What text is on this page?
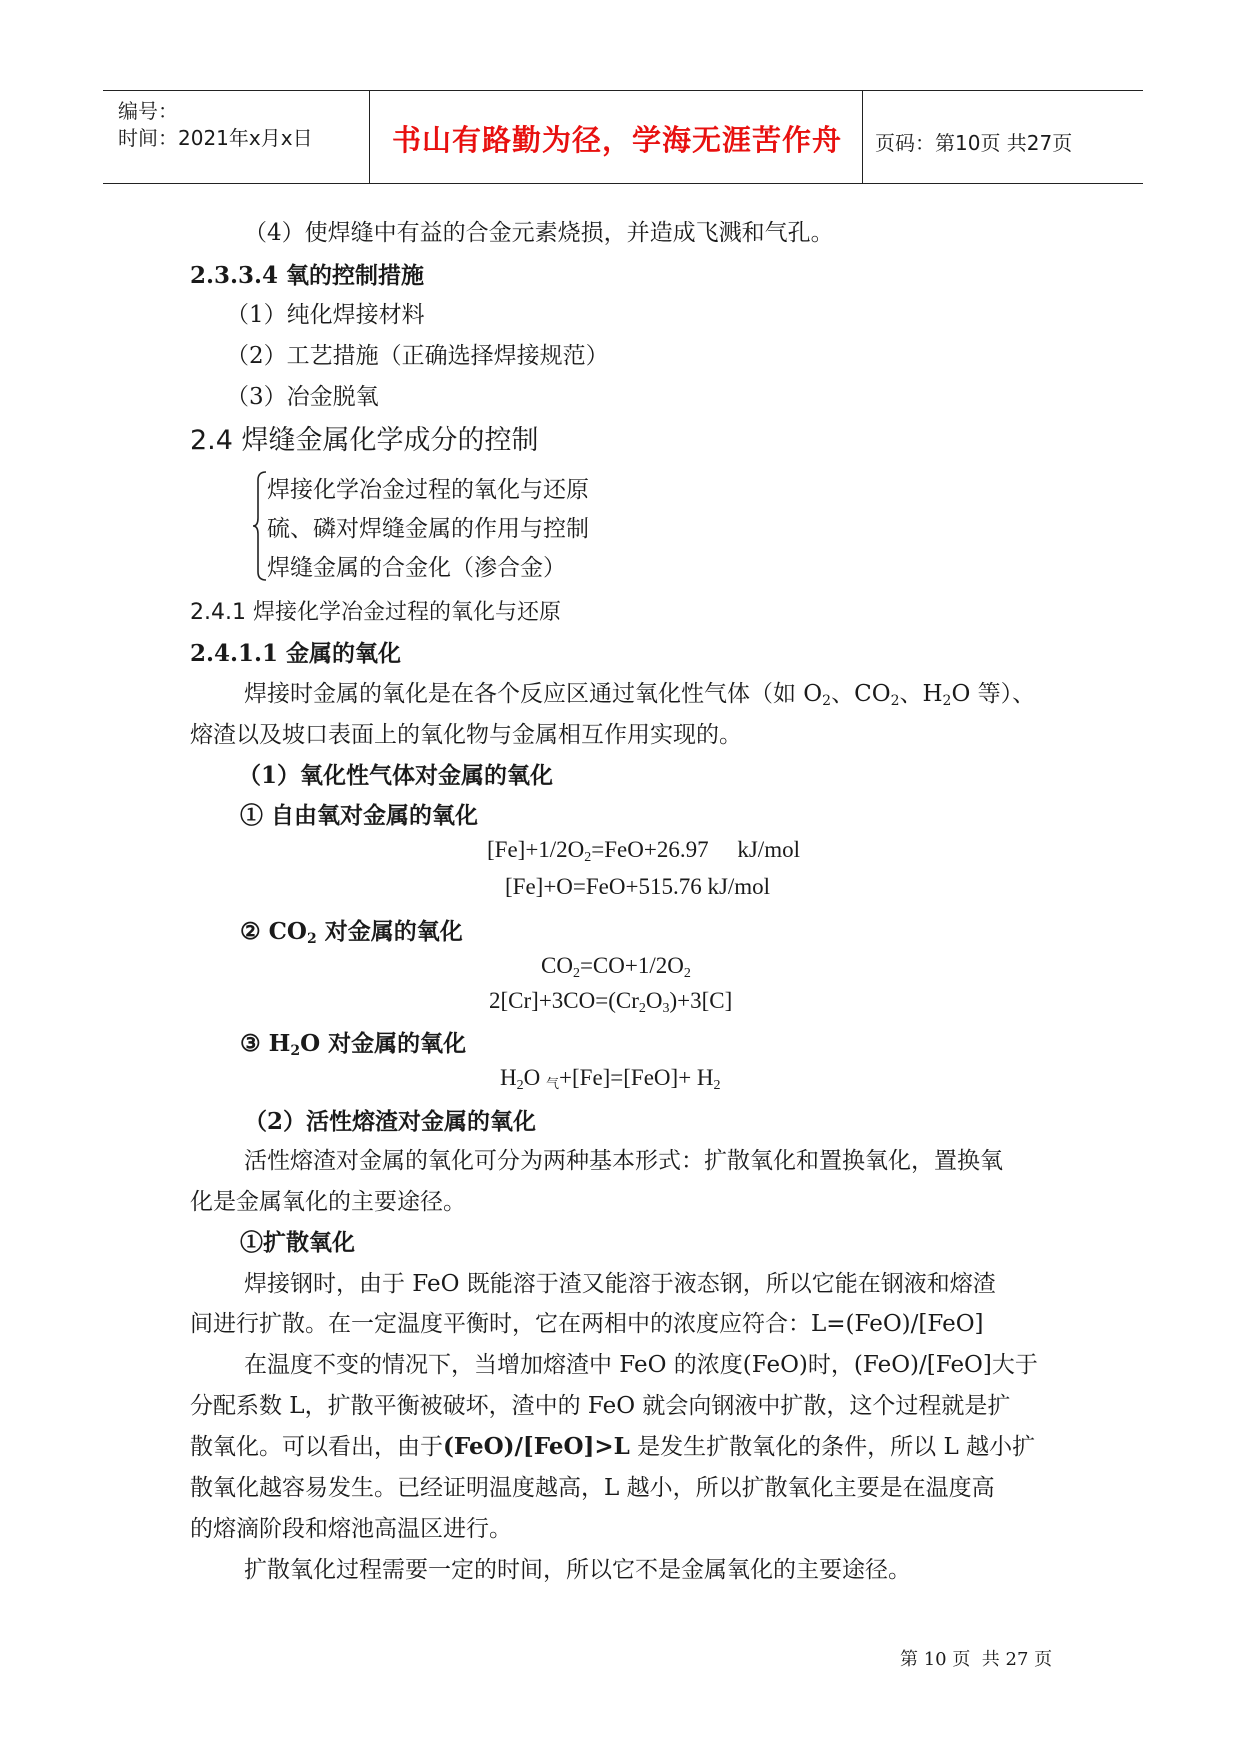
编号：
时间：2021年x月x日	书山有路勤为径，学海无涯苦作舟 页码：第10页 共27页
（4）使焊缝中有益的合金元素烧损，并造成飞溅和气孔。
2.3.3.4 氧的控制措施
（1）纯化焊接材料
（2）工艺措施（正确选择焊接规范）
（3）冶金脱氧
2.4 焊缝金属化学成分的控制
焊接化学冶金过程的氧化与还原
硫、磷对焊缝金属的作用与控制
焊缝金属的合金化（渗合金）
2.4.1 焊接化学冶金过程的氧化与还原
2.4.1.1 金属的氧化
焊接时金属的氧化是在各个反应区通过氧化性气体（如 $O_2$、$CO_2$、$H_2O$ 等）、
熔渣以及坡口表面上的氧化物与金属相互作用实现的。
（1）氧化性气体对金属的氧化
① 自由氧对金属的氧化
$[Fe]+1/2O_2=FeO+26.97$     kJ/mol
[Fe]+O=FeO+515.76 kJ/mol
② $CO_2$ 对金属的氧化
$CO_2=CO+1/2O_2$
$2[Cr]+3CO=(Cr_2O_3)+3[C]$
③ $H_2O$ 对金属的氧化
$H_2O$ 气$+[Fe]=[FeO]+ H_2$
（2）活性熔渣对金属的氧化
活性熔渣对金属的氧化可分为两种基本形式：扩散氧化和置换氧化，置换氧
化是金属氧化的主要途径。
①扩散氧化
焊接钢时，由于 FeO 既能溶于渣又能溶于液态钢，所以它能在钢液和熔渣
间进行扩散。在一定温度平衡时，它在两相中的浓度应符合：L=(FeO)/[FeO]
在温度不变的情况下，当增加熔渣中 FeO 的浓度(FeO)时，(FeO)/[FeO]大于
分配系数 L，扩散平衡被破坏，渣中的 FeO 就会向钢液中扩散，这个过程就是扩
散氧化。可以看出，由于(FeO)/[FeO]>L 是发生扩散氧化的条件，所以 L 越小扩
散氧化越容易发生。已经证明温度越高，L 越小，所以扩散氧化主要是在温度高
的熔滴阶段和熔池高温区进行。
扩散氧化过程需要一定的时间，所以它不是金属氧化的主要途径。
第 10 页  共 27 页
